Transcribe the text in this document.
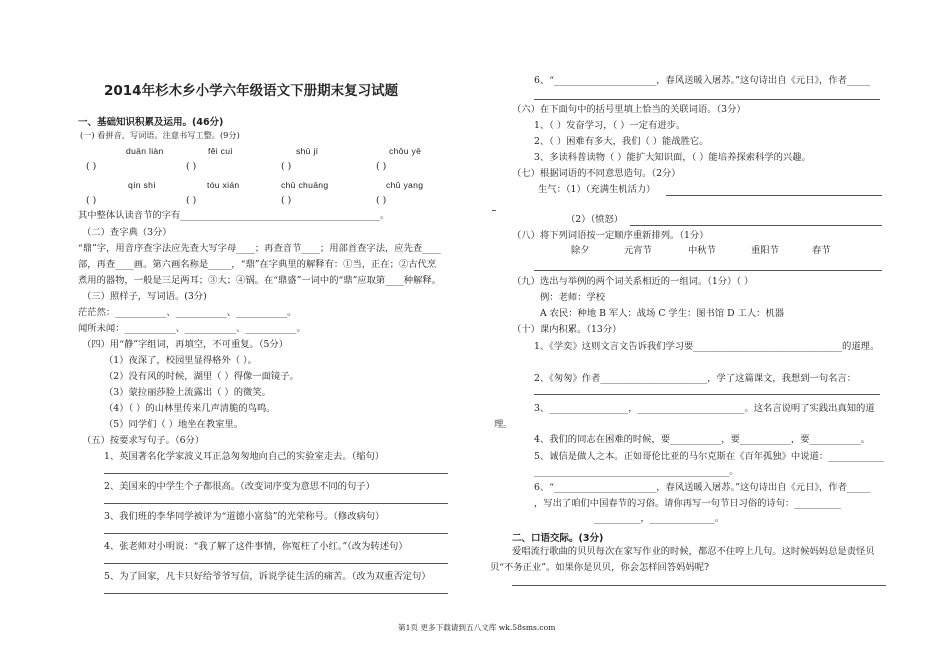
2014年杉木乡小学六年级语文下册期末复习试题
一、基础知识积累及运用。(46分)
(一) 看拼音，写词语。注意书写工整。(9分)
duān liàn	fěi cuì	shū jí	chōu yē
( )	( )	( )	( )
qín shì	tóu xián	chū chuāng	chǔ yang
( )	( )	( )	( )
其中整体认读音节的字有___________________________________________。
（二）查字典（3分）
“鼎”字，用音序查字法应先查大写字母____；再查音节____；用部首查字法，应先查____
部，再查____画。第六画名称是_____，“鼎”在字典里的解释有：①当，正在；②古代烹
煮用的器物，一般是三足两耳；③大；④锅。在“鼎盛”一词中的“鼎”应取第____种解释。
（三）照样子，写词语。(3分)
茫茫然：___________、___________、___________。
闻所未闻：___________、___________、___________。
（四）用“静”字组词，再填空，不可重复。（5分）
（1）夜深了，校园里显得格外（ ）。
（2）没有风的时候，湖里（ ）得像一面镜子。
（3）蒙拉丽莎脸上流露出（ ）的微笑。
（4）（ ）的山林里传来几声清脆的鸟鸣。
（5）同学们（ ）地坐在教室里。
（五）按要求写句子。（6分）
1、英国著名化学家波义耳正急匆匆地向自己的实验室走去。（缩句）
2、美国来的中学生个子都很高。（改变词序变为意思不同的句子）
3、我们班的李华同学被评为“道德小富翁”的光荣称号。（修改病句）
4、张老师对小明说：“我了解了这件事情，你冤枉了小红。”（改为转述句）
5、为了回家，凡卡只好给爷爷写信，诉说学徒生活的痛苦。（改为双重否定句）
6、“______________________，春风送暖入屠苏。”这句诗出自《元日》，作者_____
（六）在下面句中的括号里填上恰当的关联词语。（3分）
1、（ ）发奋学习，（ ）一定有进步。
2、（ ）困难有多大，我们（ ）能战胜它。
3、多读科普读物（ ）能扩大知识面，（ ）能培养探索科学的兴趣。
（七）根据词语的不同意思造句。（2分）
生气：（1）（充满生机活力）
（2）（愤怒）
（八）将下列词语按一定顺序重新排列。（1分）
除夕	元宵节	中秋节	重阳节	春节
（九）选出与举例的两个词关系相近的一组词。（1分）（ ）
例：老师：学校
A 农民：种地 B 军人：战场 C 学生：图书馆 D 工人：机器
（十）课内积累。（13分）
1、《学奕》这则文言文告诉我们学习要________________________________的道理。
2、《匆匆》作者_______________________，学了这篇课文，我想到一句名言：
3、_________________，_______________________。这名言说明了实践出真知的道
理。
4、我们的同志在困难的时候，要___________，要___________，要___________。
5、诚信是做人之本。正如哥伦比亚的马尔克斯在《百年孤独》中说道：____________
__________________________________________。
6、“______________________，春风送暖入屠苏。”这句诗出自《元日》，作者_____
，写出了咱们中国春节的习俗。请你再写一句节日习俗的诗句：__________
__________，______________。
二、口语交际。(3分)
爱唱流行歌曲的贝贝每次在家写作业的时候，都忍不住哼上几句。这时候妈妈总是责怪贝
贝“不务正业”。如果你是贝贝，你会怎样回答妈妈呢?
第1页 更多下载请到五八文库 wk.58sms.com
